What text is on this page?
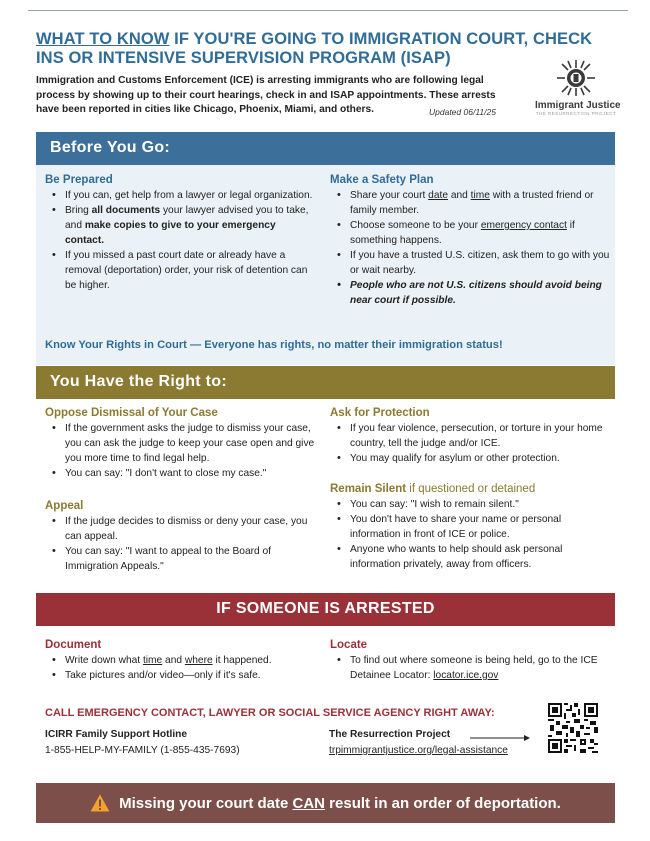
WHAT TO KNOW IF YOU'RE GOING TO IMMIGRATION COURT, CHECK INS OR INTENSIVE SUPERVISION PROGRAM (ISAP)

Immigration and Customs Enforcement (ICE) is arresting immigrants who are following legal process by showing up to their court hearings, check in and ISAP appointments. These arrests have been reported in cities like Chicago, Phoenix, Miami, and others.	Updated 06/11/25
Immigrant Justice
THE RESURRECTION PROJECT
Before You Go:
Be Prepared
• If you can, get help from a lawyer or legal organization.
• Bring all documents your lawyer advised you to take, and make copies to give to your emergency contact.
• If you missed a past court date or already have a removal (deportation) order, your risk of detention can be higher.
Make a Safety Plan
• Share your court date and time with a trusted friend or family member.
• Choose someone to be your emergency contact if something happens.
• If you have a trusted U.S. citizen, ask them to go with you or wait nearby.
• People who are not U.S. citizens should avoid being near court if possible.
Know Your Rights in Court — Everyone has rights, no matter their immigration status!
You Have the Right to:
Oppose Dismissal of Your Case
• If the government asks the judge to dismiss your case, you can ask the judge to keep your case open and give you more time to find legal help.
• You can say: "I don't want to close my case."
Appeal
• If the judge decides to dismiss or deny your case, you can appeal.
• You can say: "I want to appeal to the Board of Immigration Appeals."
Ask for Protection
• If you fear violence, persecution, or torture in your home country, tell the judge and/or ICE.
• You may qualify for asylum or other protection.
Remain Silent if questioned or detained
• You can say: "I wish to remain silent."
• You don't have to share your name or personal information in front of ICE or police.
• Anyone who wants to help should ask personal information privately, away from officers.
IF SOMEONE IS ARRESTED
Document
• Write down what time and where it happened.
• Take pictures and/or video—only if it's safe.
Locate
• To find out where someone is being held, go to the ICE Detainee Locator: locator.ice.gov
CALL EMERGENCY CONTACT, LAWYER OR SOCIAL SERVICE AGENCY RIGHT AWAY:
ICIRR Family Support Hotline
1-855-HELP-MY-FAMILY (1-855-435-7693)
The Resurrection Project
trpimmigrantjustice.org/legal-assistance
Missing your court date CAN result in an order of deportation.
